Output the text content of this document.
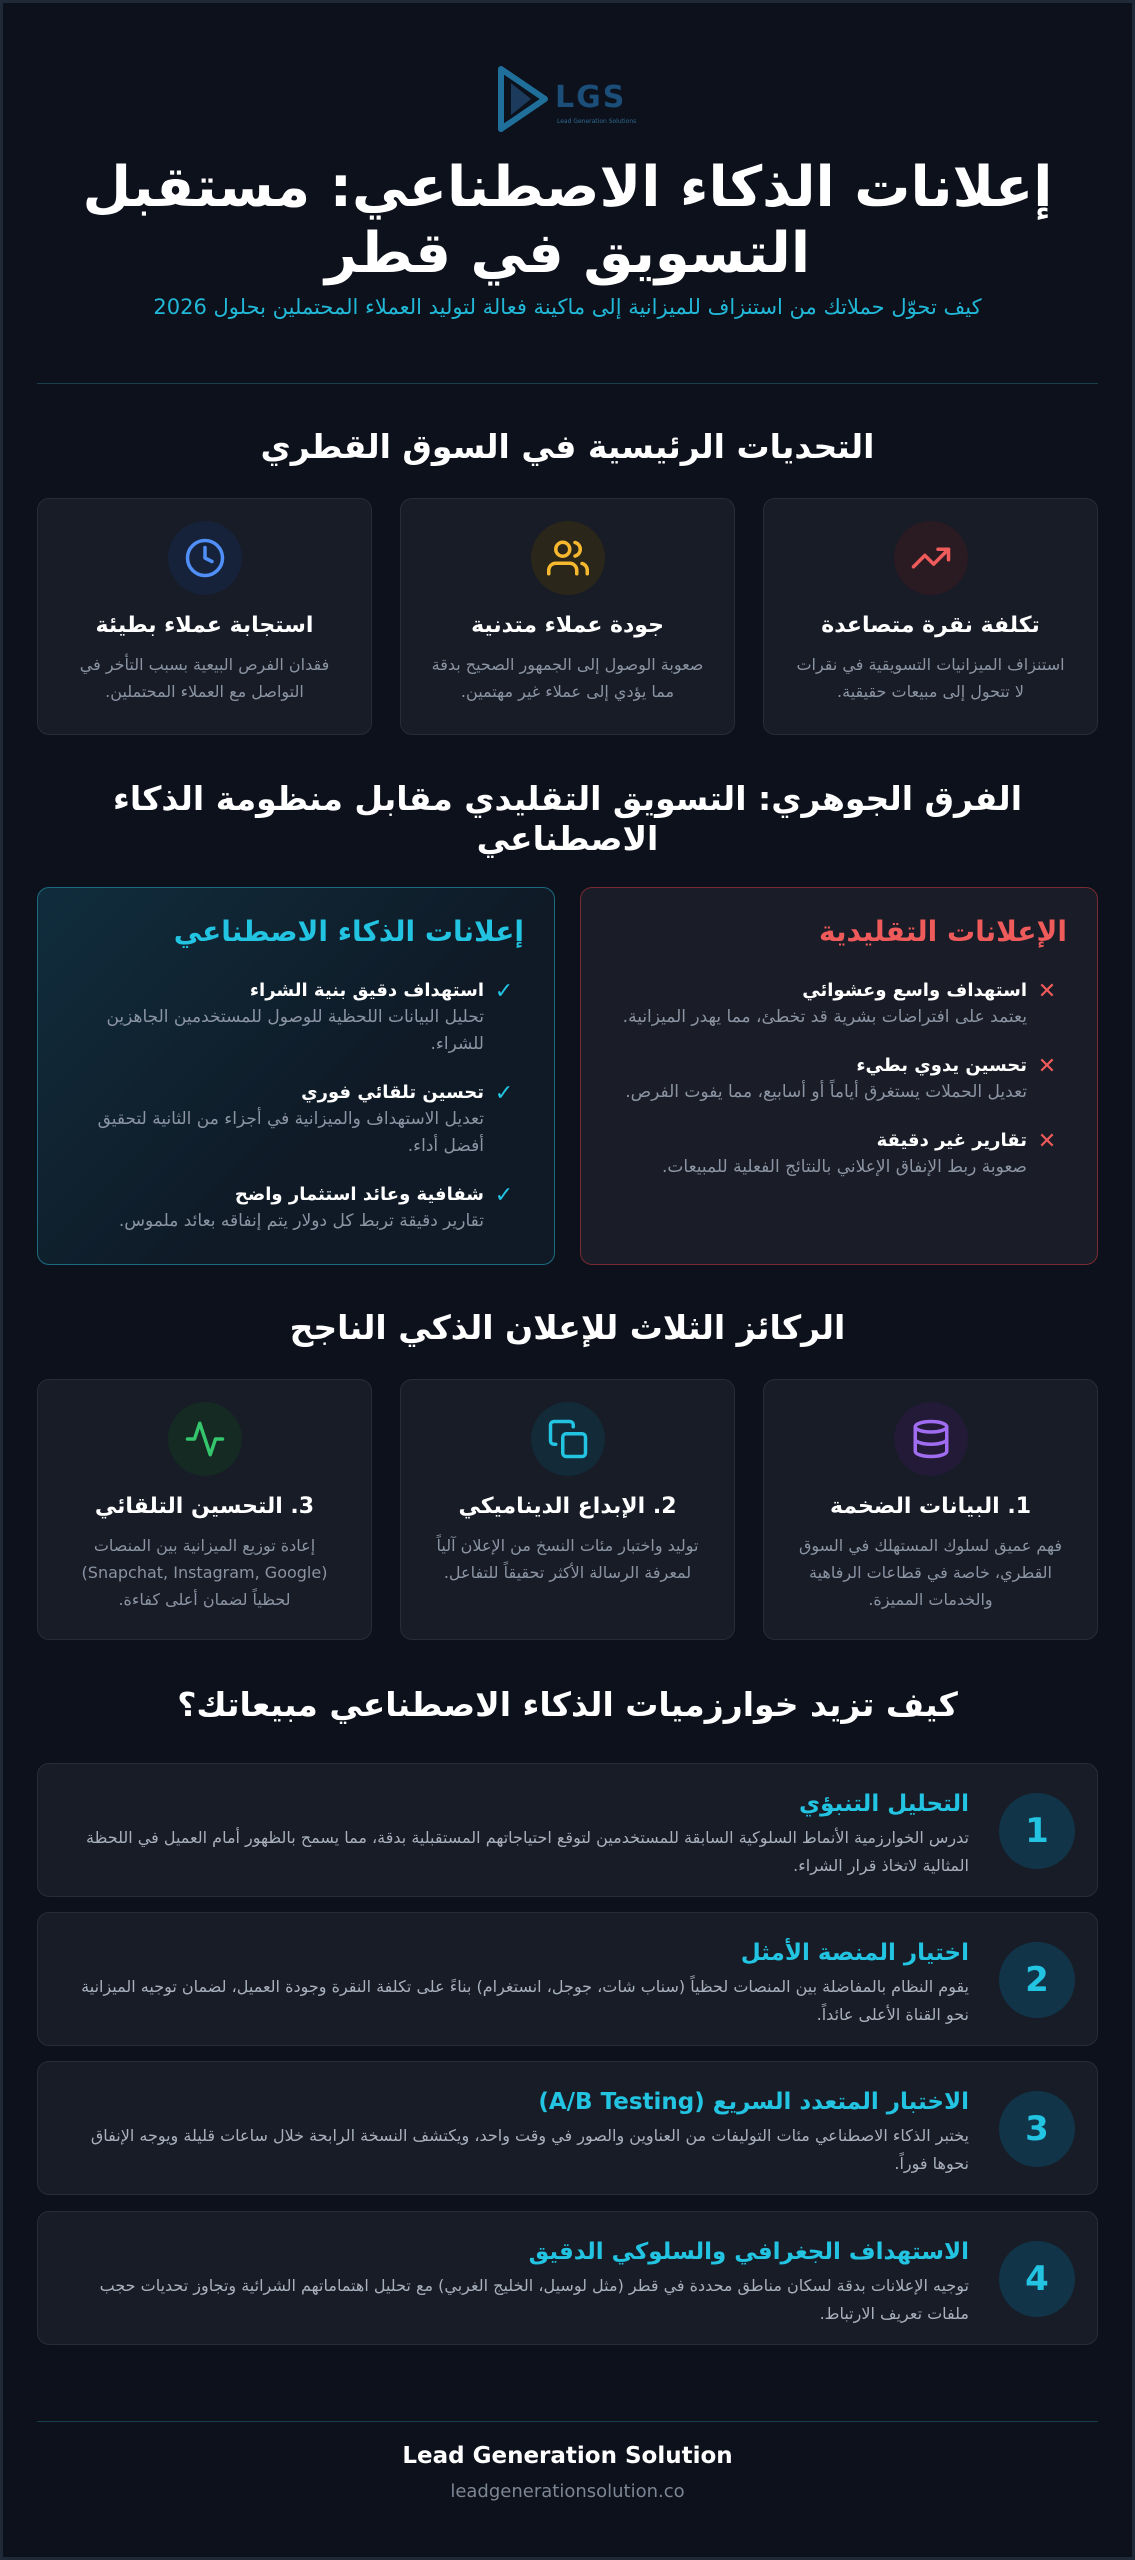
LGS
Lead Generation Solutions
إعلانات الذكاء الاصطناعي: مستقبل
التسويق في قطر
كيف تحوّل حملاتك من استنزاف للميزانية إلى ماكينة فعالة لتوليد العملاء المحتملين بحلول 2026
التحديات الرئيسية في السوق القطري
تكلفة نقرة متصاعدة

استنزاف الميزانيات التسويقية في نقرات لا تتحول إلى مبيعات حقيقية.

جودة عملاء متدنية

صعوبة الوصول إلى الجمهور الصحيح بدقة مما يؤدي إلى عملاء غير مهتمين.

استجابة عملاء بطيئة

فقدان الفرص البيعية بسبب التأخر في التواصل مع العملاء المحتملين.

الفرق الجوهري: التسويق التقليدي مقابل منظومة الذكاء
الاصطناعي
الإعلانات التقليدية
✕
استهداف واسع وعشوائي
يعتمد على افتراضات بشرية قد تخطئ، مما يهدر الميزانية.
✕
تحسين يدوي بطيء
تعديل الحملات يستغرق أياماً أو أسابيع، مما يفوت الفرص.
✕
تقارير غير دقيقة
صعوبة ربط الإنفاق الإعلاني بالنتائج الفعلية للمبيعات.
إعلانات الذكاء الاصطناعي
✓
استهداف دقيق بنية الشراء
تحليل البيانات اللحظية للوصول للمستخدمين الجاهزين للشراء.
✓
تحسين تلقائي فوري
تعديل الاستهداف والميزانية في أجزاء من الثانية لتحقيق أفضل أداء.
✓
شفافية وعائد استثمار واضح
تقارير دقيقة تربط كل دولار يتم إنفاقه بعائد ملموس.
الركائز الثلاث للإعلان الذكي الناجح
1. البيانات الضخمة

فهم عميق لسلوك المستهلك في السوق القطري، خاصة في قطاعات الرفاهية والخدمات المميزة.

2. الإبداع الديناميكي

توليد واختبار مئات النسخ من الإعلان آلياً لمعرفة الرسالة الأكثر تحقيقاً للتفاعل.

3. التحسين التلقائي

إعادة توزيع الميزانية بين المنصات (Snapchat, Instagram, Google) لحظياً لضمان أعلى كفاءة.

كيف تزيد خوارزميات الذكاء الاصطناعي مبيعاتك؟
1
التحليل التنبؤي

تدرس الخوارزمية الأنماط السلوكية السابقة للمستخدمين لتوقع احتياجاتهم المستقبلية بدقة، مما يسمح بالظهور أمام العميل في اللحظة المثالية لاتخاذ قرار الشراء.

2
اختيار المنصة الأمثل

يقوم النظام بالمفاضلة بين المنصات لحظياً (سناب شات، جوجل، انستغرام) بناءً على تكلفة النقرة وجودة العميل، لضمان توجيه الميزانية نحو القناة الأعلى عائداً.

3
الاختبار المتعدد السريع (A/B Testing)

يختبر الذكاء الاصطناعي مئات التوليفات من العناوين والصور في وقت واحد، ويكتشف النسخة الرابحة خلال ساعات قليلة ويوجه الإنفاق نحوها فوراً.

4
الاستهداف الجغرافي والسلوكي الدقيق

توجيه الإعلانات بدقة لسكان مناطق محددة في قطر (مثل لوسيل، الخليج الغربي) مع تحليل اهتماماتهم الشرائية وتجاوز تحديات حجب ملفات تعريف الارتباط.

Lead Generation Solution
leadgenerationsolution.co
